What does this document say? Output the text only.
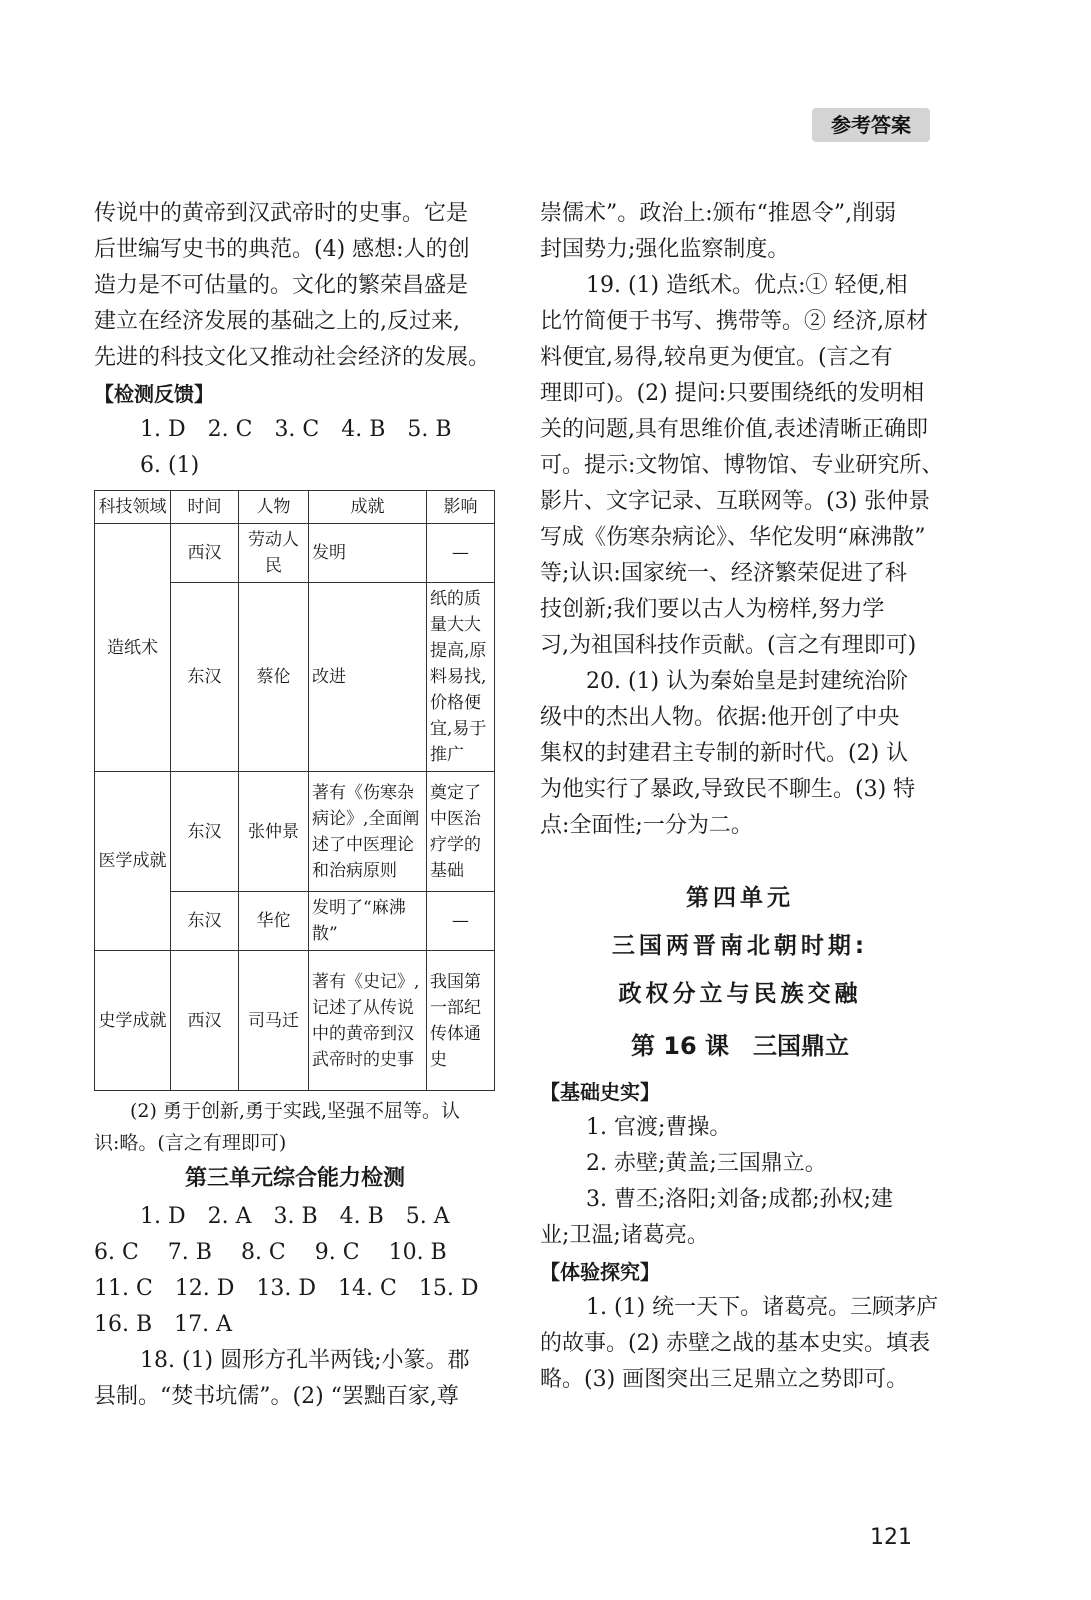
参考答案
传说中的黄帝到汉武帝时的史事。它是
后世编写史书的典范。(4) 感想:人的创
造力是不可估量的。文化的繁荣昌盛是
建立在经济发展的基础之上的,反过来,
先进的科技文化又推动社会经济的发展。
【检测反馈】
1. D　2. C　3. C　4. B　5. B
6. (1)
科技领域	时间	人物	成就	影响
造纸术	西汉	劳动人民	发明	—
	东汉	蔡伦	改进	纸的质量大大提高,原料易找,价格便宜,易于推广
医学成就	东汉	张仲景	著有《伤寒杂病论》,全面阐述了中医理论和治病原则	奠定了中医治疗学的基础
	东汉	华佗	发明了“麻沸散”	—
史学成就	西汉	司马迁	著有《史记》,记述了从传说中的黄帝到汉武帝时的史事	我国第一部纪传体通史
(2) 勇于创新,勇于实践,坚强不屈等。认
识:略。(言之有理即可)
第三单元综合能力检测
1. D　2. A　3. B　4. B　5. A
6. C　 7. B　 8. C　 9. C　 10. B
11. C　12. D　13. D　14. C　15. D
16. B　17. A
18. (1) 圆形方孔半两钱;小篆。郡
县制。“焚书坑儒”。(2) “罢黜百家,尊
崇儒术”。政治上:颁布“推恩令”,削弱
封国势力;强化监察制度。
19. (1) 造纸术。优点:① 轻便,相
比竹简便于书写、携带等。② 经济,原材
料便宜,易得,较帛更为便宜。(言之有
理即可)。(2) 提问:只要围绕纸的发明相
关的问题,具有思维价值,表述清晰正确即
可。提示:文物馆、博物馆、专业研究所、
影片、文字记录、互联网等。(3) 张仲景
写成《伤寒杂病论》、华佗发明“麻沸散”
等;认识:国家统一、经济繁荣促进了科
技创新;我们要以古人为榜样,努力学
习,为祖国科技作贡献。(言之有理即可)
20. (1) 认为秦始皇是封建统治阶
级中的杰出人物。依据:他开创了中央
集权的封建君主专制的新时代。(2) 认
为他实行了暴政,导致民不聊生。(3) 特
点:全面性;一分为二。
第四单元
三国两晋南北朝时期:
政权分立与民族交融
第 16 课　三国鼎立
【基础史实】
1. 官渡;曹操。
2. 赤壁;黄盖;三国鼎立。
3. 曹丕;洛阳;刘备;成都;孙权;建
业;卫温;诸葛亮。
【体验探究】
1. (1) 统一天下。诸葛亮。三顾茅庐
的故事。(2) 赤壁之战的基本史实。填表
略。(3) 画图突出三足鼎立之势即可。
121
